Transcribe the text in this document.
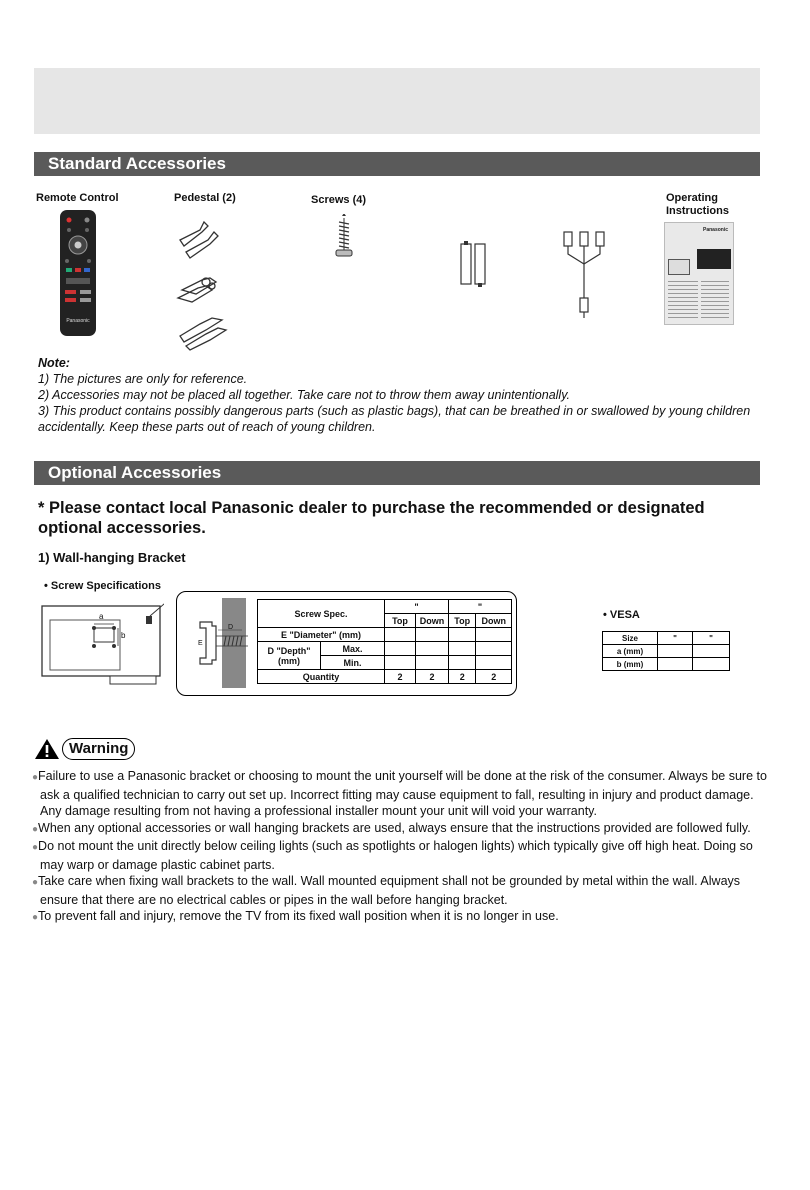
Standard Accessories
Remote Control	Pedestal (2)	Screws (4)	Operating
Instructions
Panasonic
Panasonic
Note:
1) The pictures are only for reference.
2) Accessories may not be placed all together. Take care not to throw them away unintentionally.
3) This product contains possibly dangerous parts (such as plastic bags), that can be breathed in or swallowed by young children accidentally. Keep these parts out of reach of young children.
Optional Accessories
* Please contact local Panasonic dealer to purchase the recommended or designated optional accessories.
1) Wall-hanging Bracket
• Screw Specifications
a
b
D
E
Screw Spec.		"		"	
		Top	Down	Top	Down
E "Diameter" (mm)					

D "Depth"
(mm)	Max.				
	Min.				
Quantity		2	2	2	2
• VESA
Size	"	"
a (mm)		
b (mm)		
Warning
●Failure to use a Panasonic bracket or choosing to mount the unit yourself will be done at the risk of the consumer. Always be sure to ask a qualified technician to carry out set up. Incorrect fitting may cause equipment to fall, resulting in injury and product damage. Any damage resulting from not having a professional installer mount your unit will void your warranty.
●When any optional accessories or wall hanging brackets are used, always ensure that the instructions provided are followed fully.
●Do not mount the unit directly below ceiling lights (such as spotlights or halogen lights) which typically give off high heat. Doing so may warp or damage plastic cabinet parts.
●Take care when fixing wall brackets to the wall. Wall mounted equipment shall not be grounded by metal within the wall. Always ensure that there are no electrical cables or pipes in the wall before hanging bracket.
●To prevent fall and injury, remove the TV from its fixed wall position when it is no longer in use.
